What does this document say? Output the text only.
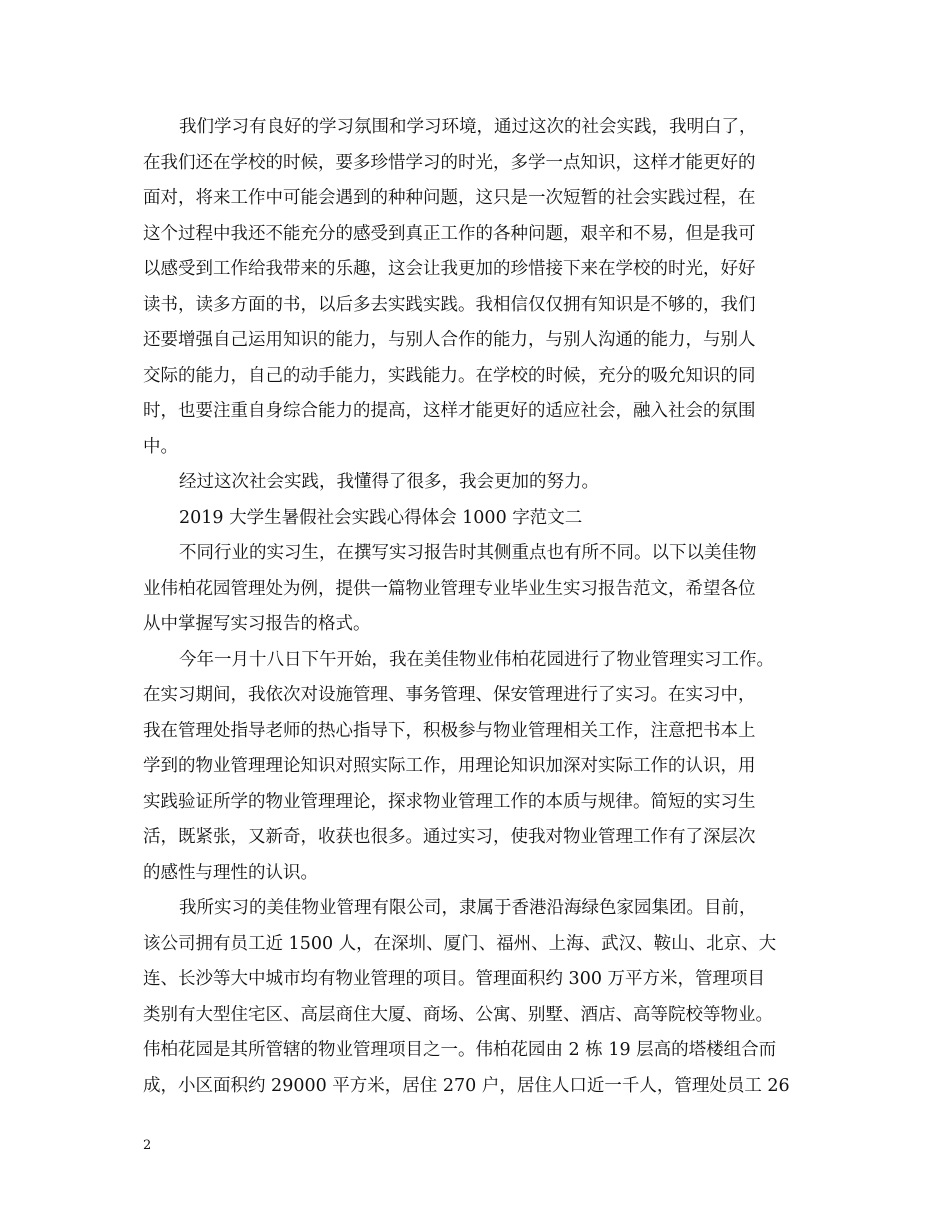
我们学习有良好的学习氛围和学习环境，通过这次的社会实践，我明白了，
在我们还在学校的时候，要多珍惜学习的时光，多学一点知识，这样才能更好的
面对，将来工作中可能会遇到的种种问题，这只是一次短暂的社会实践过程，在
这个过程中我还不能充分的感受到真正工作的各种问题，艰辛和不易，但是我可
以感受到工作给我带来的乐趣，这会让我更加的珍惜接下来在学校的时光，好好
读书，读多方面的书，以后多去实践实践。我相信仅仅拥有知识是不够的，我们
还要增强自己运用知识的能力，与别人合作的能力，与别人沟通的能力，与别人
交际的能力，自己的动手能力，实践能力。在学校的时候，充分的吸允知识的同
时，也要注重自身综合能力的提高，这样才能更好的适应社会，融入社会的氛围
中。
经过这次社会实践，我懂得了很多，我会更加的努力。
2019 大学生暑假社会实践心得体会 1000 字范文二
不同行业的实习生，在撰写实习报告时其侧重点也有所不同。以下以美佳物
业伟柏花园管理处为例，提供一篇物业管理专业毕业生实习报告范文，希望各位
从中掌握写实习报告的格式。
今年一月十八日下午开始，我在美佳物业伟柏花园进行了物业管理实习工作。
在实习期间，我依次对设施管理、事务管理、保安管理进行了实习。在实习中，
我在管理处指导老师的热心指导下，积极参与物业管理相关工作，注意把书本上
学到的物业管理理论知识对照实际工作，用理论知识加深对实际工作的认识，用
实践验证所学的物业管理理论，探求物业管理工作的本质与规律。简短的实习生
活，既紧张，又新奇，收获也很多。通过实习，使我对物业管理工作有了深层次
的感性与理性的认识。
我所实习的美佳物业管理有限公司，隶属于香港沿海绿色家园集团。目前，
该公司拥有员工近 1500 人，在深圳、厦门、福州、上海、武汉、鞍山、北京、大
连、长沙等大中城市均有物业管理的项目。管理面积约 300 万平方米，管理项目
类别有大型住宅区、高层商住大厦、商场、公寓、别墅、酒店、高等院校等物业。
伟柏花园是其所管辖的物业管理项目之一。伟柏花园由 2 栋 19 层高的塔楼组合而
成，小区面积约 29000 平方米，居住 270 户，居住人口近一千人，管理处员工 26
2
